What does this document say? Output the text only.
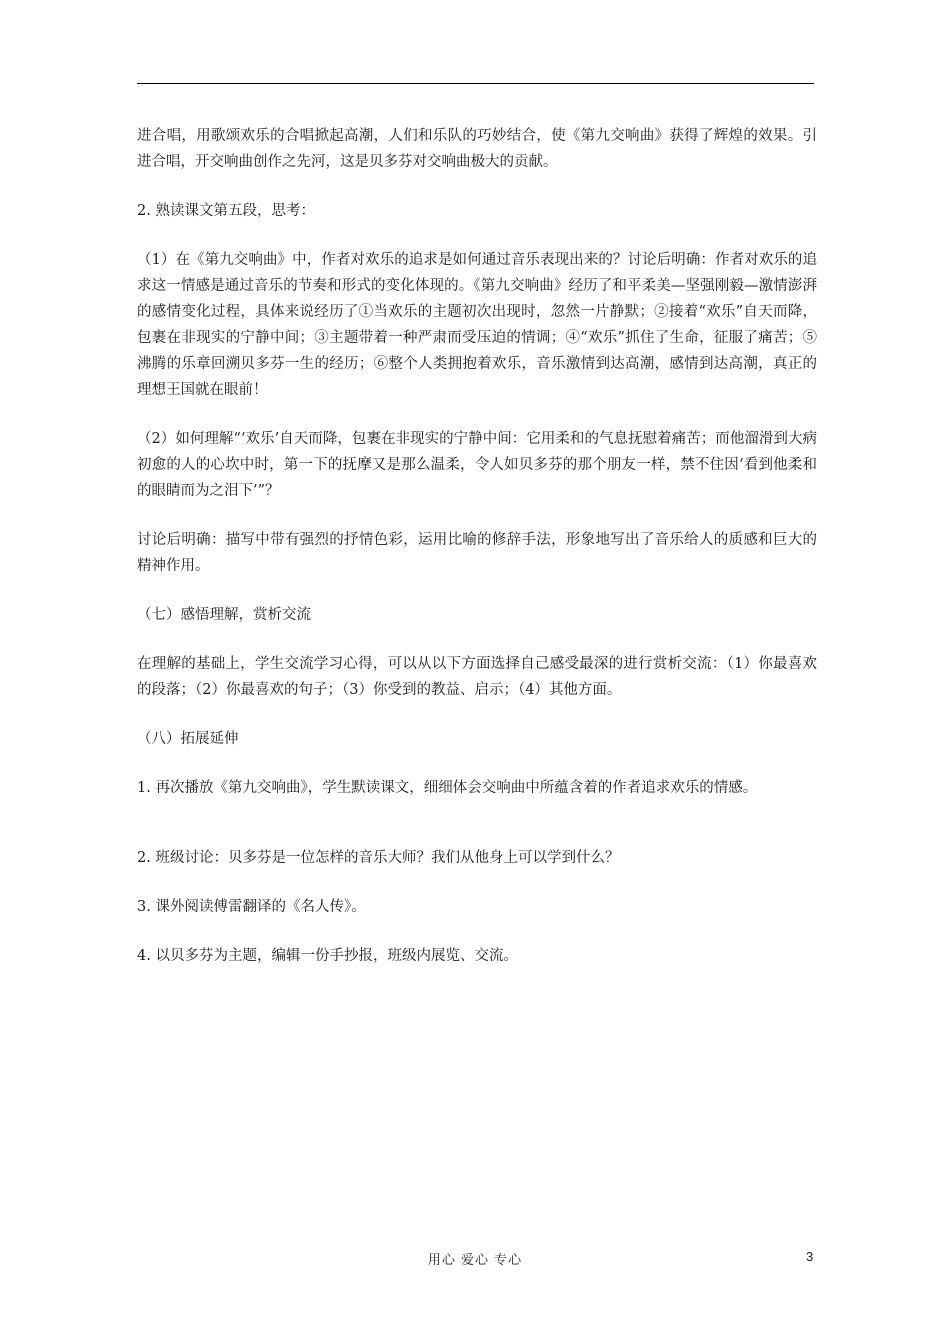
进合唱，用歌颂欢乐的合唱掀起高潮，人们和乐队的巧妙结合，使《第九交响曲》获得了辉煌的效果。引进合唱，开交响曲创作之先河，这是贝多芬对交响曲极大的贡献。

2. 熟读课文第五段，思考：

（1）在《第九交响曲》中，作者对欢乐的追求是如何通过音乐表现出来的？讨论后明确：作者对欢乐的追求这一情感是通过音乐的节奏和形式的变化体现的。《第九交响曲》经历了和平柔美—坚强刚毅—激情澎湃的感情变化过程，具体来说经历了①当欢乐的主题初次出现时，忽然一片静默；②接着“欢乐”自天而降，包裹在非现实的宁静中间；③主题带着一种严肃而受压迫的情调；④“欢乐”抓住了生命，征服了痛苦；⑤沸腾的乐章回溯贝多芬一生的经历；⑥整个人类拥抱着欢乐，音乐激情到达高潮，感情到达高潮，真正的理想王国就在眼前！

（2）如何理解“‘欢乐’自天而降，包裹在非现实的宁静中间：它用柔和的气息抚慰着痛苦；而他溜滑到大病初愈的人的心坎中时，第一下的抚摩又是那么温柔，令人如贝多芬的那个朋友一样，禁不住因‘看到他柔和的眼睛而为之泪下’”？

讨论后明确：描写中带有强烈的抒情色彩，运用比喻的修辞手法，形象地写出了音乐给人的质感和巨大的精神作用。

（七）感悟理解，赏析交流

在理解的基础上，学生交流学习心得，可以从以下方面选择自己感受最深的进行赏析交流：（1）你最喜欢的段落；（2）你最喜欢的句子；（3）你受到的教益、启示；（4）其他方面。

（八）拓展延伸

1. 再次播放《第九交响曲》，学生默读课文，细细体会交响曲中所蕴含着的作者追求欢乐的情感。

2. 班级讨论：贝多芬是一位怎样的音乐大师？我们从他身上可以学到什么？

3. 课外阅读傅雷翻译的《名人传》。

4. 以贝多芬为主题，编辑一份手抄报，班级内展览、交流。

用心 爱心 专心	3
